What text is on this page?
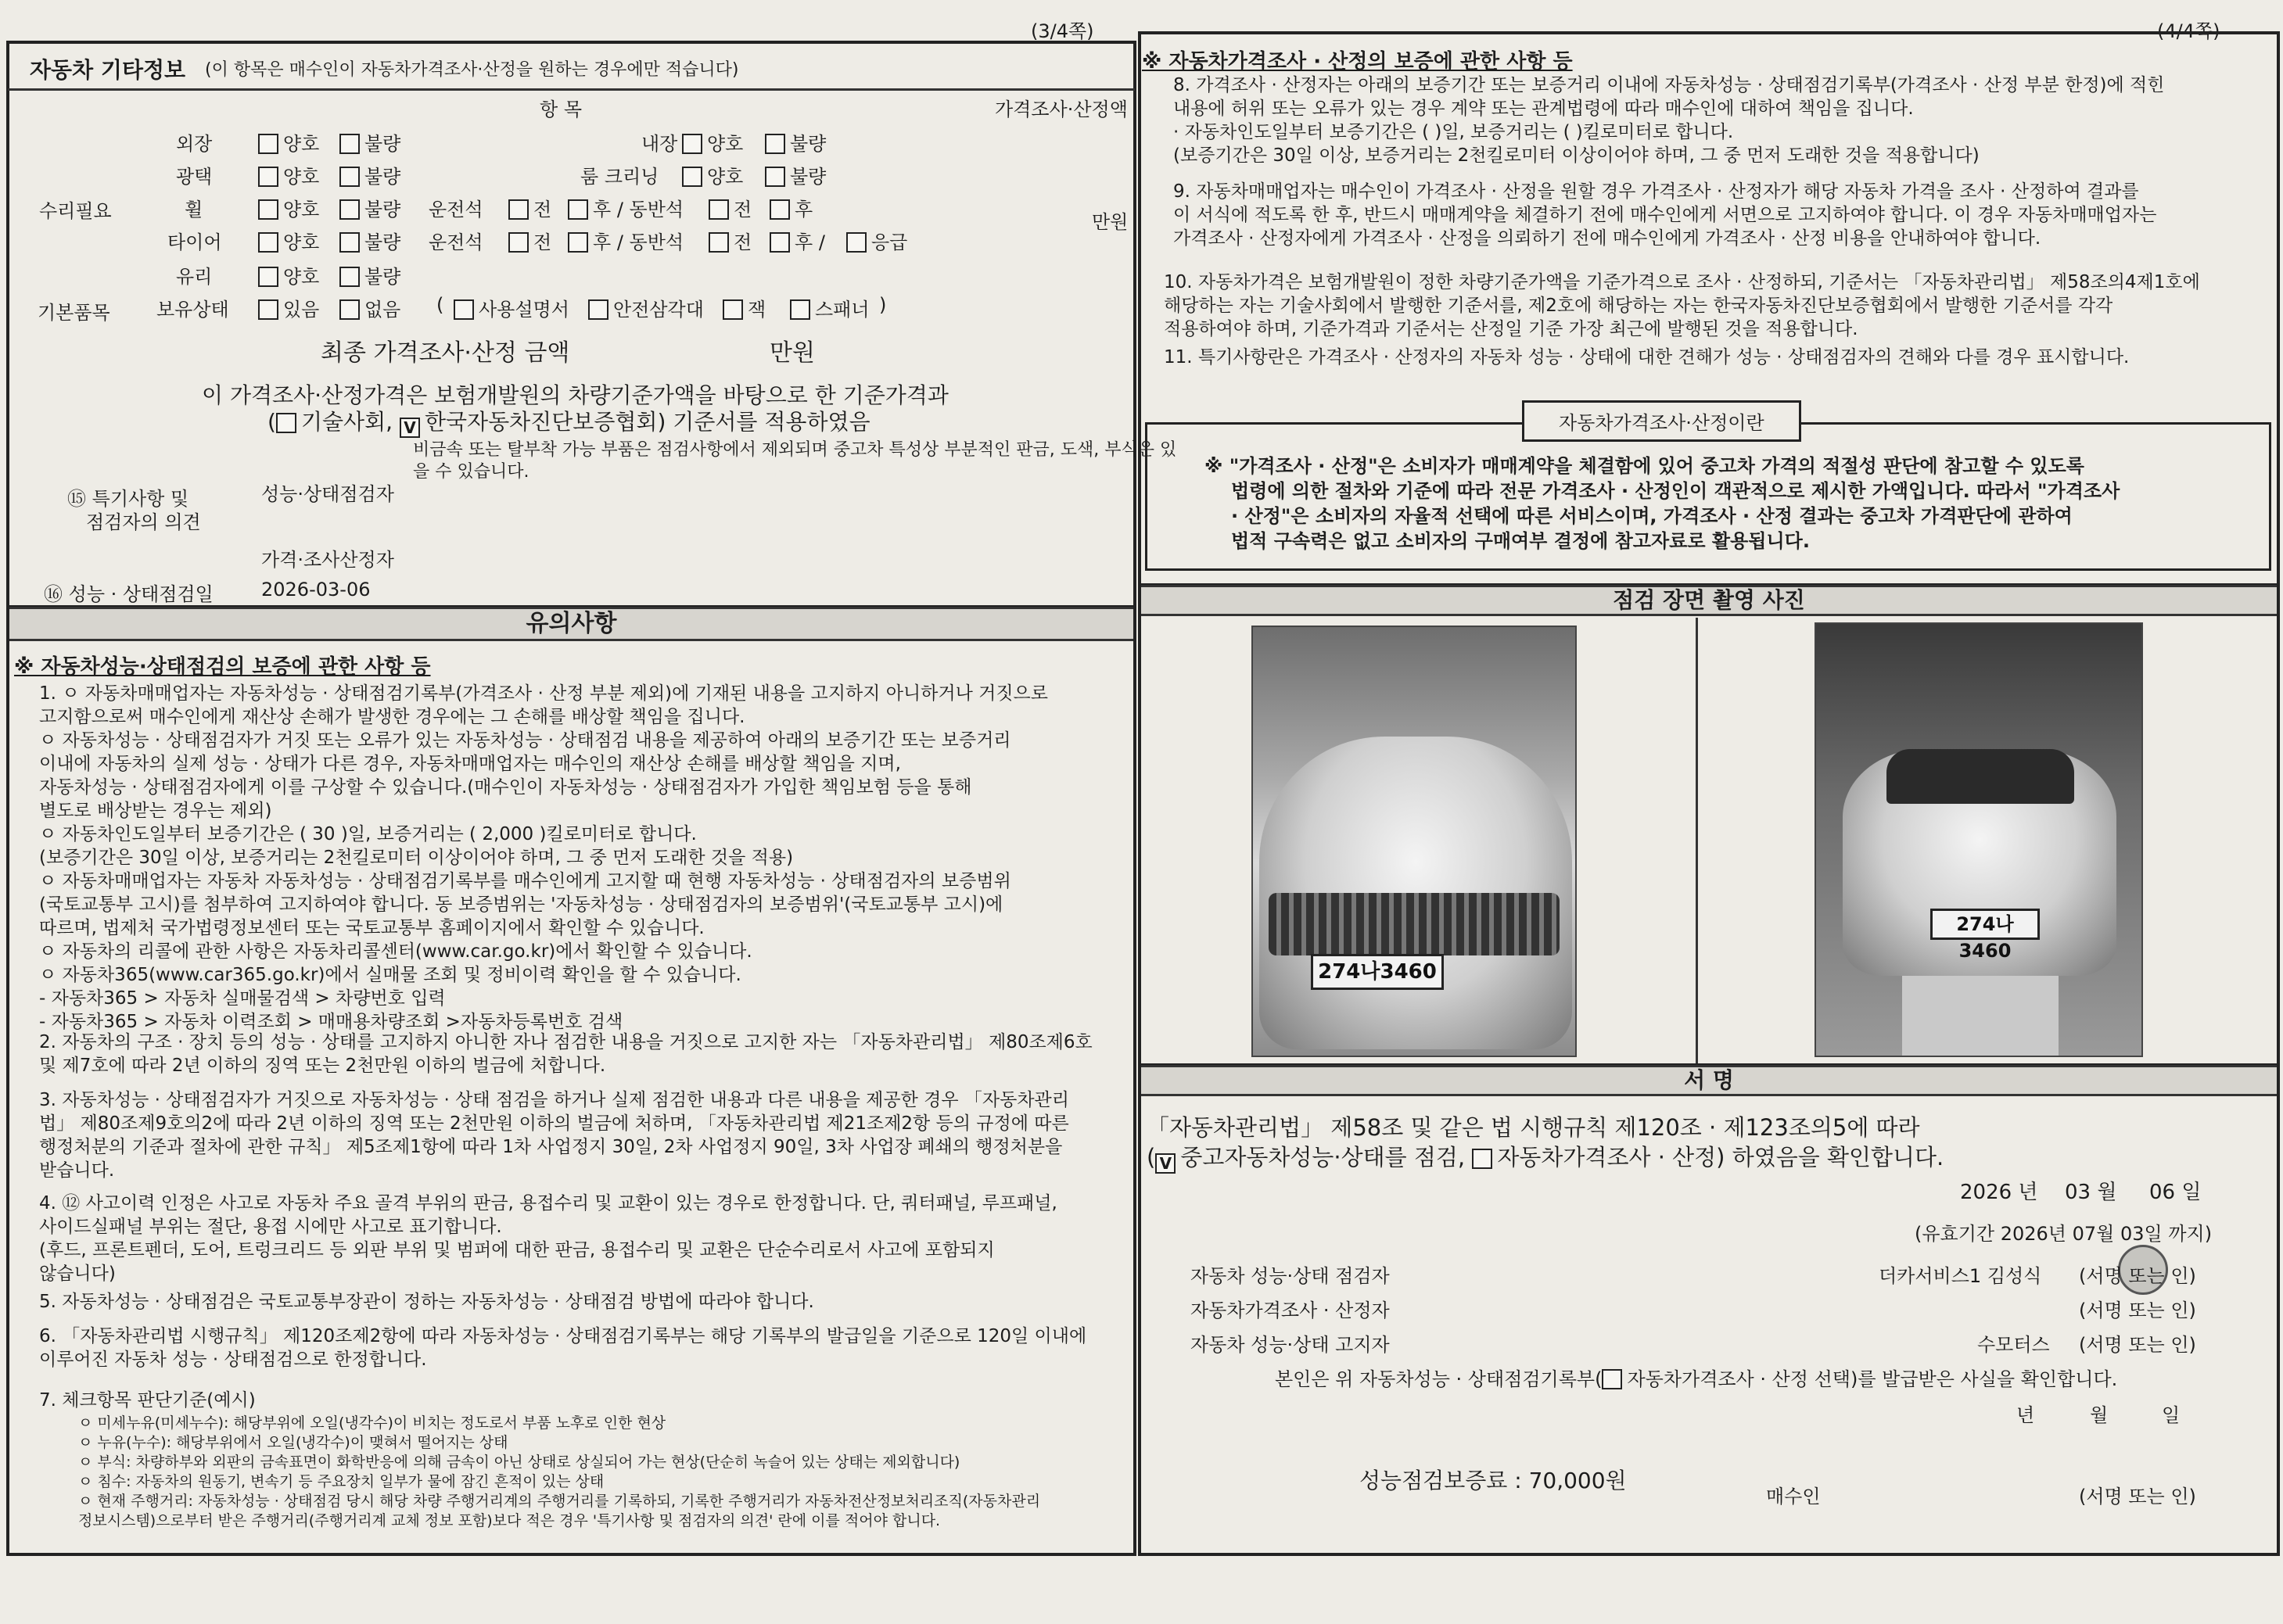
(3/4쪽)	(4/4쪽)
자동차 기타정보 (이 항목은 매수인이 자동차가격조사·산정을 원하는 경우에만 적습니다)
항 목	가격조사·산정액
수리필요
기본품목
만원
외장	양호	불량	내장	양호	불량
광택	양호	불량	룸 크리닝	양호	불량
휠	양호	불량 운전석	전	후 / 동반석	전	후
타이어	양호	불량 운전석	전	후 / 동반석	전	후 /	응급
유리	양호	불량
보유상태	있음	없음 (	사용설명서	안전삼각대	잭	스패너 )
최종 가격조사·산정 금액	만원
이 가격조사·산정가격은 보험개발원의 차량기준가액을 바탕으로 한 기준가격과
( 기술사회, V 한국자동차진단보증협회) 기준서를 적용하였음
비금속 또는 탈부착 가능 부품은 점검사항에서 제외되며 중고차 특성상 부분적인 판금, 도색, 부식은 있
을 수 있습니다.
⑮ 특기사항 및
점검자의 의견
성능·상태점검자
가격·조사산정자
⑯ 성능 · 상태점검일	2026-03-06
유의사항
※ 자동차성능·상태점검의 보증에 관한 사항 등
1. ㅇ 자동차매매업자는 자동차성능 · 상태점검기록부(가격조사 · 산정 부분 제외)에 기재된 내용을 고지하지 아니하거나 거짓으로
고지함으로써 매수인에게 재산상 손해가 발생한 경우에는 그 손해를 배상할 책임을 집니다.
ㅇ 자동차성능 · 상태점검자가 거짓 또는 오류가 있는 자동차성능 · 상태점검 내용을 제공하여 아래의 보증기간 또는 보증거리
이내에 자동차의 실제 성능 · 상태가 다른 경우, 자동차매매업자는 매수인의 재산상 손해를 배상할 책임을 지며,
자동차성능 · 상태점검자에게 이를 구상할 수 있습니다.(매수인이 자동차성능 · 상태점검자가 가입한 책임보험 등을 통해
별도로 배상받는 경우는 제외)
ㅇ 자동차인도일부터 보증기간은 ( 30 )일, 보증거리는 ( 2,000 )킬로미터로 합니다.
(보증기간은 30일 이상, 보증거리는 2천킬로미터 이상이어야 하며, 그 중 먼저 도래한 것을 적용)
ㅇ 자동차매매업자는 자동차 자동차성능 · 상태점검기록부를 매수인에게 고지할 때 현행 자동차성능 · 상태점검자의 보증범위
(국토교통부 고시)를 첨부하여 고지하여야 합니다. 동 보증범위는 '자동차성능 · 상태점검자의 보증범위'(국토교통부 고시)에
따르며, 법제처 국가법령정보센터 또는 국토교통부 홈페이지에서 확인할 수 있습니다.
ㅇ 자동차의 리콜에 관한 사항은 자동차리콜센터(www.car.go.kr)에서 확인할 수 있습니다.
ㅇ 자동차365(www.car365.go.kr)에서 실매물 조회 및 정비이력 확인을 할 수 있습니다.
- 자동차365 > 자동차 실매물검색 > 차량번호 입력
- 자동차365 > 자동차 이력조회 > 매매용차량조회 >자동차등록번호 검색
2. 자동차의 구조 · 장치 등의 성능 · 상태를 고지하지 아니한 자나 점검한 내용을 거짓으로 고지한 자는 「자동차관리법」 제80조제6호
및 제7호에 따라 2년 이하의 징역 또는 2천만원 이하의 벌금에 처합니다.
3. 자동차성능 · 상태점검자가 거짓으로 자동차성능 · 상태 점검을 하거나 실제 점검한 내용과 다른 내용을 제공한 경우 「자동차관리
법」 제80조제9호의2에 따라 2년 이하의 징역 또는 2천만원 이하의 벌금에 처하며, 「자동차관리법 제21조제2항 등의 규정에 따른
행정처분의 기준과 절차에 관한 규칙」 제5조제1항에 따라 1차 사업정지 30일, 2차 사업정지 90일, 3차 사업장 폐쇄의 행정처분을
받습니다.
4. ⑫ 사고이력 인정은 사고로 자동차 주요 골격 부위의 판금, 용접수리 및 교환이 있는 경우로 한정합니다. 단, 쿼터패널, 루프패널,
사이드실패널 부위는 절단, 용접 시에만 사고로 표기합니다.
(후드, 프론트펜더, 도어, 트렁크리드 등 외판 부위 및 범퍼에 대한 판금, 용접수리 및 교환은 단순수리로서 사고에 포함되지
않습니다)
5. 자동차성능 · 상태점검은 국토교통부장관이 정하는 자동차성능 · 상태점검 방법에 따라야 합니다.
6. 「자동차관리법 시행규칙」 제120조제2항에 따라 자동차성능 · 상태점검기록부는 해당 기록부의 발급일을 기준으로 120일 이내에
이루어진 자동차 성능 · 상태점검으로 한정합니다.
7. 체크항목 판단기준(예시)
ㅇ 미세누유(미세누수): 해당부위에 오일(냉각수)이 비치는 정도로서 부품 노후로 인한 현상
ㅇ 누유(누수): 해당부위에서 오일(냉각수)이 맺혀서 떨어지는 상태
ㅇ 부식: 차량하부와 외판의 금속표면이 화학반응에 의해 금속이 아닌 상태로 상실되어 가는 현상(단순히 녹슬어 있는 상태는 제외합니다)
ㅇ 침수: 자동차의 원동기, 변속기 등 주요장치 일부가 물에 잠긴 흔적이 있는 상태
ㅇ 현재 주행거리: 자동차성능 · 상태점검 당시 해당 차량 주행거리계의 주행거리를 기록하되, 기록한 주행거리가 자동차전산정보처리조직(자동차관리
정보시스템)으로부터 받은 주행거리(주행거리계 교체 정보 포함)보다 적은 경우 '특기사항 및 점검자의 의견' 란에 이를 적어야 합니다.
※ 자동차가격조사 · 산정의 보증에 관한 사항 등
8. 가격조사 · 산정자는 아래의 보증기간 또는 보증거리 이내에 자동차성능 · 상태점검기록부(가격조사 · 산정 부분 한정)에 적힌
내용에 허위 또는 오류가 있는 경우 계약 또는 관계법령에 따라 매수인에 대하여 책임을 집니다.
· 자동차인도일부터 보증기간은 ( )일, 보증거리는 ( )킬로미터로 합니다.
(보증기간은 30일 이상, 보증거리는 2천킬로미터 이상이어야 하며, 그 중 먼저 도래한 것을 적용합니다)
9. 자동차매매업자는 매수인이 가격조사 · 산정을 원할 경우 가격조사 · 산정자가 해당 자동차 가격을 조사 · 산정하여 결과를
이 서식에 적도록 한 후, 반드시 매매계약을 체결하기 전에 매수인에게 서면으로 고지하여야 합니다. 이 경우 자동차매매업자는
가격조사 · 산정자에게 가격조사 · 산정을 의뢰하기 전에 매수인에게 가격조사 · 산정 비용을 안내하여야 합니다.
10. 자동차가격은 보험개발원이 정한 차량기준가액을 기준가격으로 조사 · 산정하되, 기준서는 「자동차관리법」 제58조의4제1호에
해당하는 자는 기술사회에서 발행한 기준서를, 제2호에 해당하는 자는 한국자동차진단보증협회에서 발행한 기준서를 각각
적용하여야 하며, 기준가격과 기준서는 산정일 기준 가장 최근에 발행된 것을 적용합니다.
11. 특기사항란은 가격조사 · 산정자의 자동차 성능 · 상태에 대한 견해가 성능 · 상태점검자의 견해와 다를 경우 표시합니다.
자동차가격조사·산정이란
※ "가격조사 · 산정"은 소비자가 매매계약을 체결함에 있어 중고차 가격의 적절성 판단에 참고할 수 있도록
법령에 의한 절차와 기준에 따라 전문 가격조사 · 산정인이 객관적으로 제시한 가액입니다. 따라서 "가격조사
· 산정"은 소비자의 자율적 선택에 따른 서비스이며, 가격조사 · 산정 결과는 중고차 가격판단에 관하여
법적 구속력은 없고 소비자의 구매여부 결정에 참고자료로 활용됩니다.
점검 장면 촬영 사진
274나3460
274나3460
서 명
「자동차관리법」 제58조 및 같은 법 시행규칙 제120조 · 제123조의5에 따라
( V 중고자동차성능·상태를 점검, 자동차가격조사 · 산정) 하였음을 확인합니다.
2026 년 03 월 06 일
(유효기간 2026년 07월 03일 까지)
자동차 성능·상태 점검자	더카서비스1 김성식 (서명 또는 인)
자동차가격조사 · 산정자	(서명 또는 인)
자동차 성능·상태 고지자	수모터스 (서명 또는 인)
본인은 위 자동차성능 · 상태점검기록부( 자동차가격조사 · 산정 선택)를 발급받은 사실을 확인합니다.
년	월	일
성능점검보증료 : 70,000원
매수인	(서명 또는 인)
